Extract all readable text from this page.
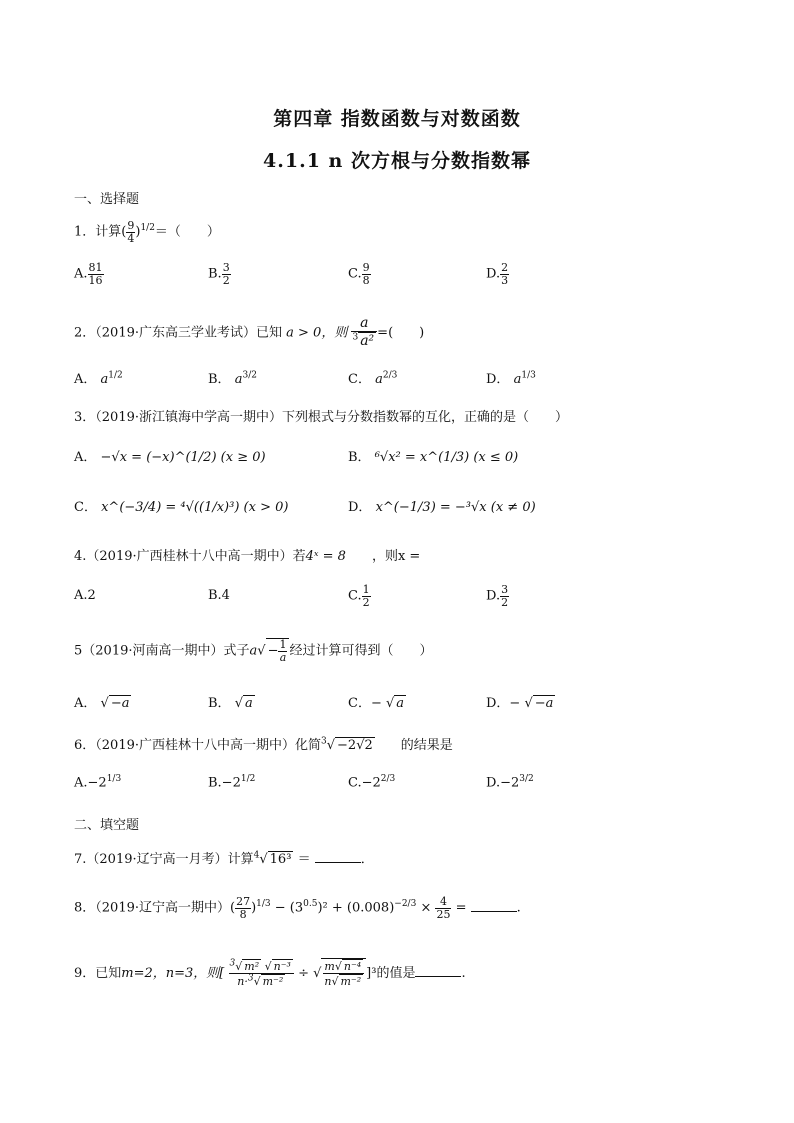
第四章 指数函数与对数函数
4.1.1 n 次方根与分数指数幂
一、选择题
1．计算( $\frac{9}{4} )^{1/2}=$（　　）
A. $\frac{81}{16}$	B. $\frac{3}{2}$	C. $\frac{9}{8}$	D. $\frac{2}{3}$
2．（2019·广东高三学业考试）已知 a > 0，则 $\frac{a}{^3 a^2}$ =(　　)
A． $a^{1/2}$	B． $a^{3/2}$	C． $a^{2/3}$	D． $a^{1/3}$
3．（2019·浙江镇海中学高一期中）下列根式与分数指数幂的互化，正确的是（　　）
A． −√x = (−x)^(1/2) (x ≥ 0)	B． ⁶√x² = x^(1/3) (x ≤ 0)
C． x^(−3/4) = ⁴√((1/x)³) (x > 0)	D． x^(−1/3) = −³√x (x ≠ 0)
4.（2019·广西桂林十八中高一期中）若4ˣ = 8　　 ，则x =
A.2	B.4	C. $\frac{1}{2}$	D. $\frac{3}{2}$
5（2019·河南高一期中）式子$a√ - \frac{1}{a}$ 经过计算可得到（　　）
A． √ −a	B． √ a	C．− √ a	D．− √ −a
6．（2019·广西桂林十八中高一期中）化简$^3$√ −2√2　　 的结果是
$A.-2^{1/3}$	$B.-2^{1/2}$	$C.-2^{2/3}$	$D.-2^{3/2}$
二、填空题
7.（2019·辽宁高一月考）计算$^4$√ 16³ ＝	．
8．（2019·辽宁高一期中）( $\frac{27}{8} )^{1/3} - (3^{0.5})^2 + (0.008)^{-2/3} \times \frac{4}{25}$ =	.
9．已知m=2，n=3，则[ $\frac{^3√ m^2 √ n^{-3}}{n\cdot^3√ m^{-2}}$ ÷ √ $\frac{\text{m√ n⁻⁴}}{\text{n√ m⁻²}} ]^3$的值是	.
